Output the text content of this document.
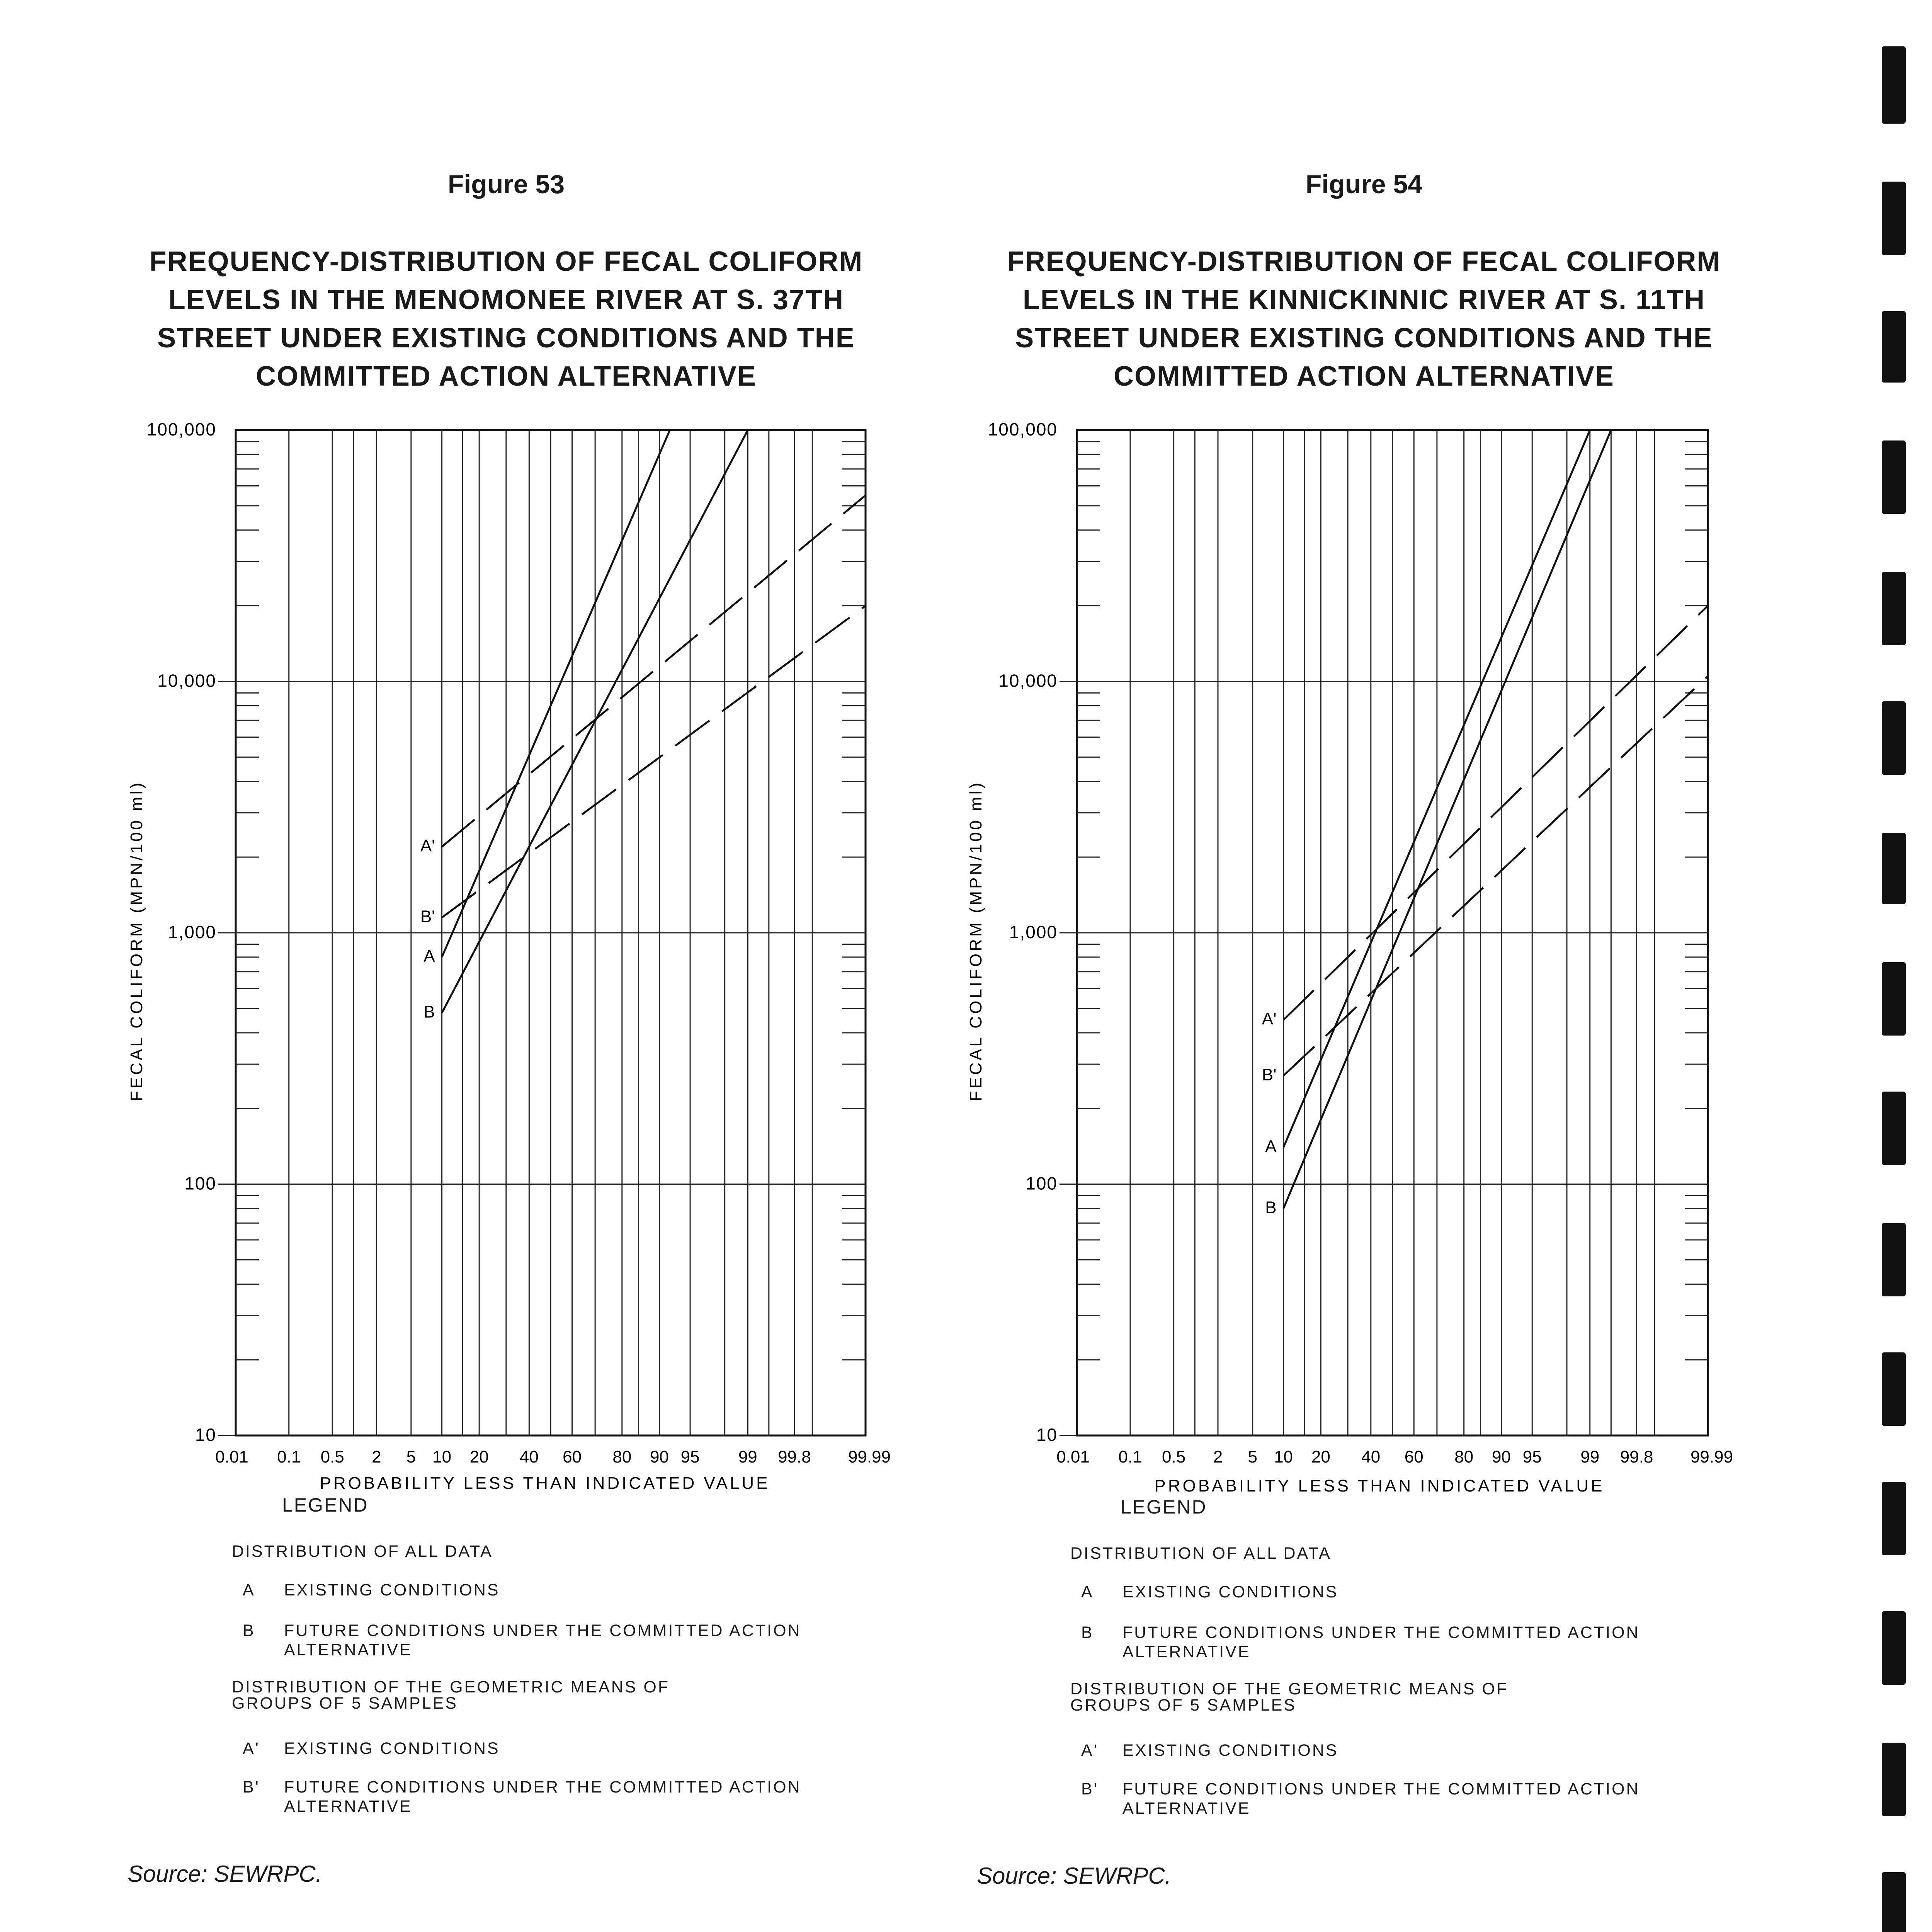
Figure 53
FREQUENCY-DISTRIBUTION OF FECAL COLIFORM LEVELS IN THE MENOMONEE RIVER AT S. 37TH STREET UNDER EXISTING CONDITIONS AND THE COMMITTED ACTION ALTERNATIVE
Figure 54
FREQUENCY-DISTRIBUTION OF FECAL COLIFORM LEVELS IN THE KINNICKINNIC RIVER AT S. 11TH STREET UNDER EXISTING CONDITIONS AND THE COMMITTED ACTION ALTERNATIVE
FECAL COLIFORM (MPN/100 ml)
PROBABILITY LESS THAN INDICATED VALUE
10
100
1,000
10,000
100,000
0.01 0.1 0.5 2 5 10 20 40 60 80 90 95 99 99.8 99.99
A
B
A'
B'	FECAL COLIFORM (MPN/100 ml)
PROBABILITY LESS THAN INDICATED VALUE
10
100
1,000
10,000
100,000
0.01 0.1 0.5 2 5 10 20 40 60 80 90 95 99 99.8 99.99
A
B
A'
B'
LEGEND
DISTRIBUTION OF ALL DATA
A EXISTING CONDITIONS
B FUTURE CONDITIONS UNDER THE COMMITTED ACTION ALTERNATIVE
DISTRIBUTION OF THE GEOMETRIC MEANS OF GROUPS OF 5 SAMPLES
A' EXISTING CONDITIONS
B' FUTURE CONDITIONS UNDER THE COMMITTED ACTION ALTERNATIVE
LEGEND
DISTRIBUTION OF ALL DATA
A EXISTING CONDITIONS
B FUTURE CONDITIONS UNDER THE COMMITTED ACTION ALTERNATIVE
DISTRIBUTION OF THE GEOMETRIC MEANS OF GROUPS OF 5 SAMPLES
A' EXISTING CONDITIONS
B' FUTURE CONDITIONS UNDER THE COMMITTED ACTION ALTERNATIVE
Source: SEWRPC.	Source: SEWRPC.
